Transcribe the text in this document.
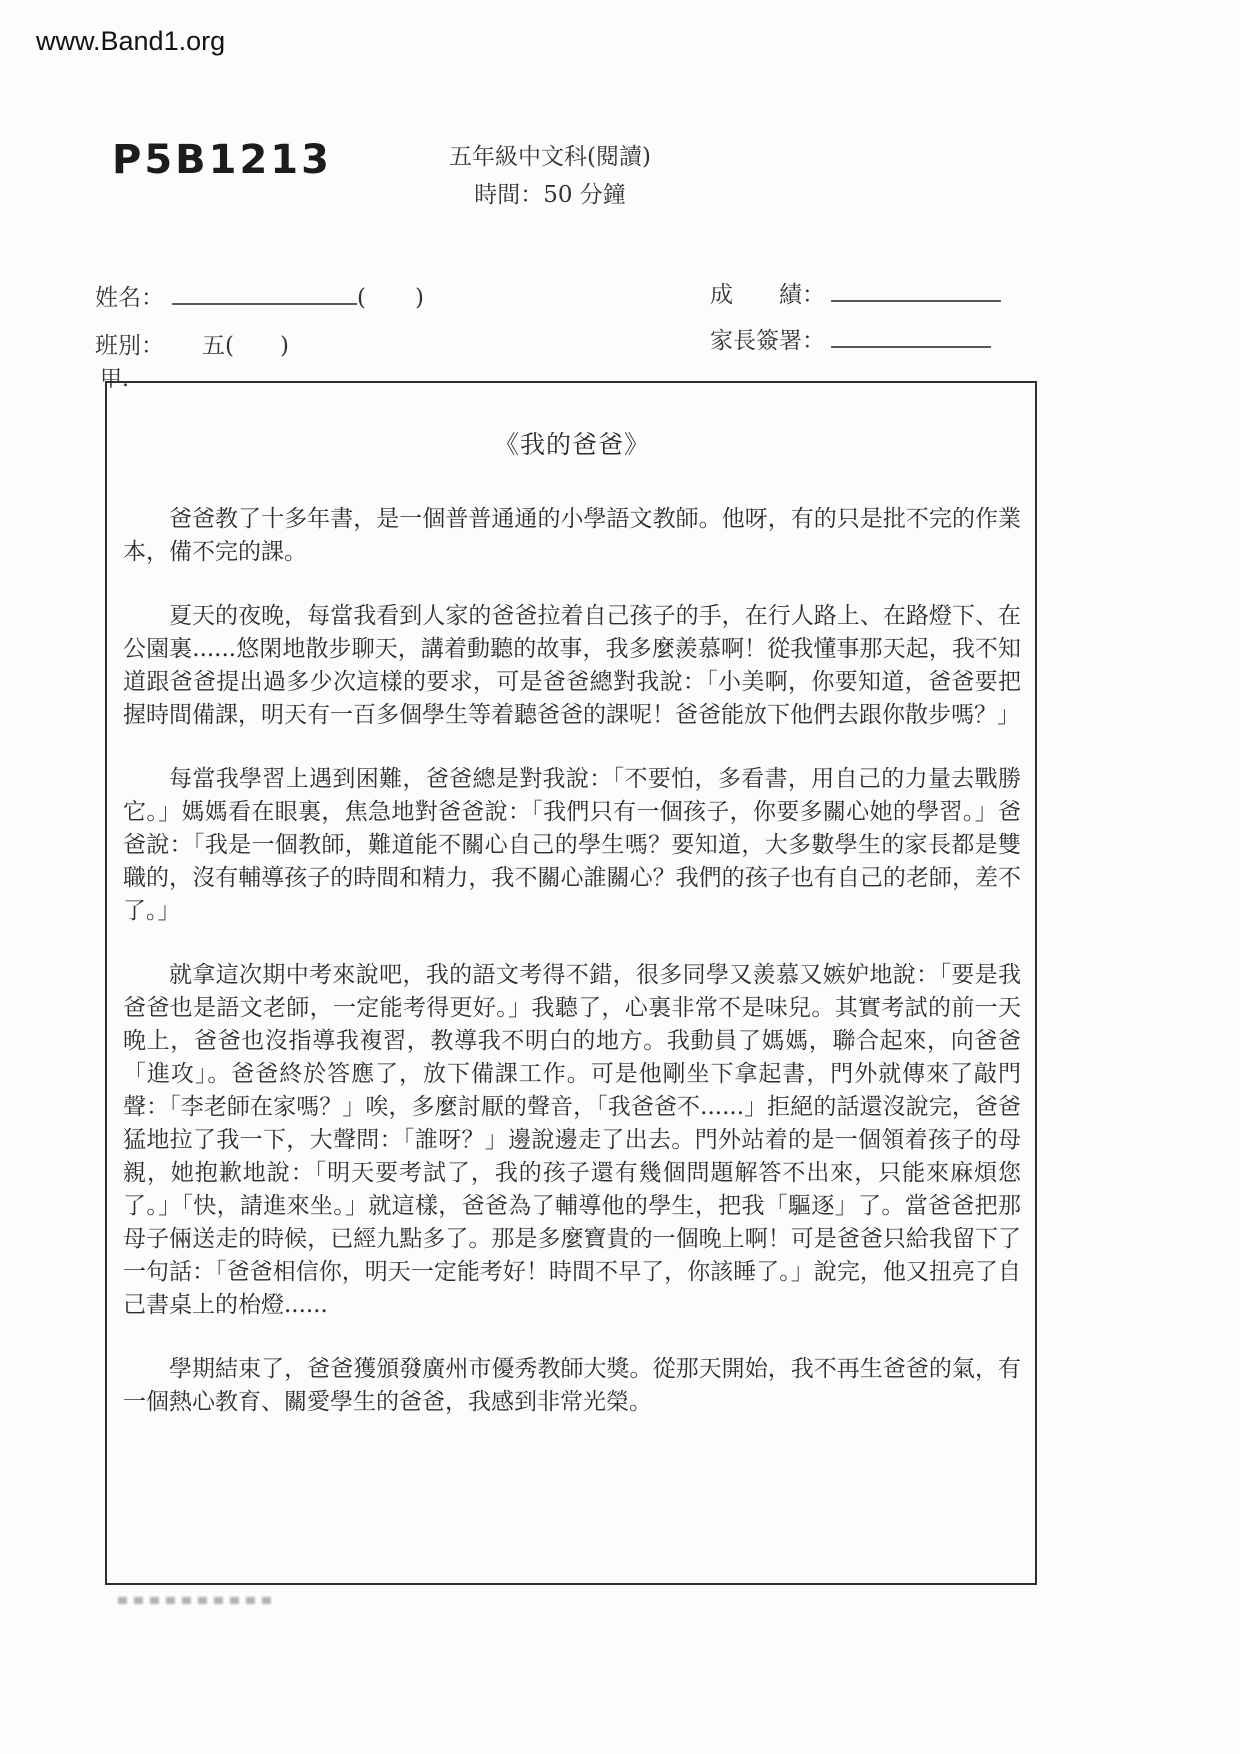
www.Band1.org
P5B1213	五年級中文科(閱讀)
時間：50 分鐘
姓名：	(　　)
班別： 五(　　)
甲.
成　　績：
家長簽署：
《我的爸爸》

爸爸教了十多年書，是一個普普通通的小學語文教師。他呀，有的只是批不完的作業本，備不完的課。

夏天的夜晚，每當我看到人家的爸爸拉着自己孩子的手，在行人路上、在路燈下、在公園裏......悠閑地散步聊天，講着動聽的故事，我多麼羨慕啊！從我懂事那天起，我不知道跟爸爸提出過多少次這樣的要求，可是爸爸總對我說：「小美啊，你要知道，爸爸要把握時間備課，明天有一百多個學生等着聽爸爸的課呢！爸爸能放下他們去跟你散步嗎？」

每當我學習上遇到困難，爸爸總是對我說：「不要怕，多看書，用自己的力量去戰勝它。」媽媽看在眼裏，焦急地對爸爸說：「我們只有一個孩子，你要多關心她的學習。」爸爸說：「我是一個教師，難道能不關心自己的學生嗎？要知道，大多數學生的家長都是雙職的，沒有輔導孩子的時間和精力，我不關心誰關心？我們的孩子也有自己的老師，差不了。」

就拿這次期中考來說吧，我的語文考得不錯，很多同學又羨慕又嫉妒地說：「要是我爸爸也是語文老師，一定能考得更好。」我聽了，心裏非常不是味兒。其實考試的前一天晚上，爸爸也沒指導我複習，教導我不明白的地方。我動員了媽媽，聯合起來，向爸爸「進攻」。爸爸終於答應了，放下備課工作。可是他剛坐下拿起書，門外就傳來了敲門聲：「李老師在家嗎？」唉，多麼討厭的聲音，「我爸爸不......」拒絕的話還沒說完，爸爸猛地拉了我一下，大聲問：「誰呀？」邊說邊走了出去。門外站着的是一個領着孩子的母親，她抱歉地說：「明天要考試了，我的孩子還有幾個問題解答不出來，只能來麻煩您了。」「快，請進來坐。」就這樣，爸爸為了輔導他的學生，把我「驅逐」了。當爸爸把那母子倆送走的時候，已經九點多了。那是多麼寶貴的一個晚上啊！可是爸爸只給我留下了一句話：「爸爸相信你，明天一定能考好！時間不早了，你該睡了。」說完，他又扭亮了自己書桌上的枱燈......

學期結束了，爸爸獲頒發廣州市優秀教師大獎。從那天開始，我不再生爸爸的氣，有一個熱心教育、關愛學生的爸爸，我感到非常光榮。
